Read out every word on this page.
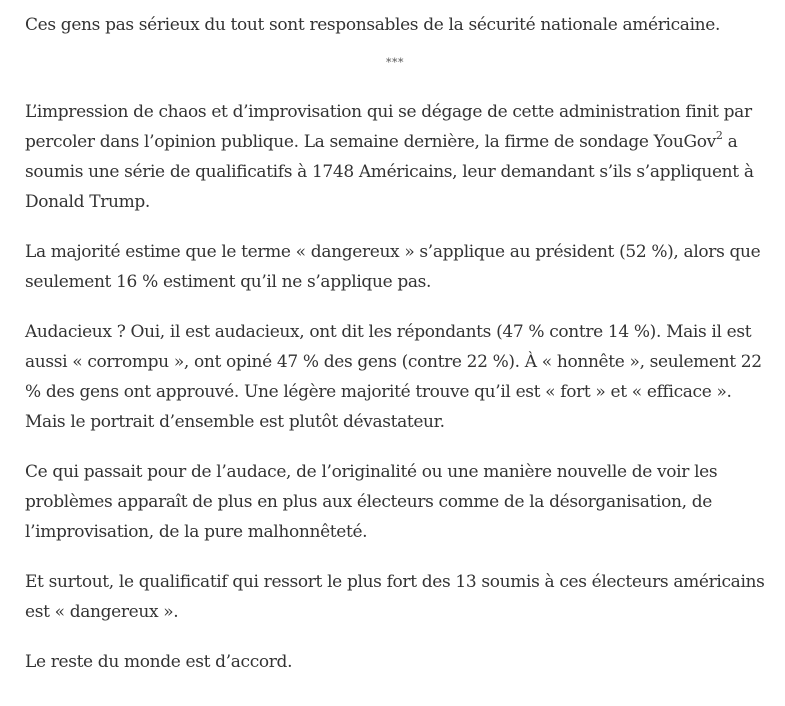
Ces gens pas sérieux du tout sont responsables de la sécurité nationale américaine.

***

L’impression de chaos et d’improvisation qui se dégage de cette administration finit par percoler dans l’opinion publique. La semaine dernière, la firme de sondage YouGov$^2$ a soumis une série de qualificatifs à 1748 Américains, leur demandant s’ils s’appliquent à Donald Trump.

La majorité estime que le terme « dangereux » s’applique au président (52 %), alors que seulement 16 % estiment qu’il ne s’applique pas.

Audacieux ? Oui, il est audacieux, ont dit les répondants (47 % contre 14 %). Mais il est aussi « corrompu », ont opiné 47 % des gens (contre 22 %). À « honnête », seulement 22 % des gens ont approuvé. Une légère majorité trouve qu’il est « fort » et « efficace ». Mais le portrait d’ensemble est plutôt dévastateur.

Ce qui passait pour de l’audace, de l’originalité ou une manière nouvelle de voir les problèmes apparaît de plus en plus aux électeurs comme de la désorganisation, de l’improvisation, de la pure malhonnêteté.

Et surtout, le qualificatif qui ressort le plus fort des 13 soumis à ces électeurs américains est « dangereux ».

Le reste du monde est d’accord.
